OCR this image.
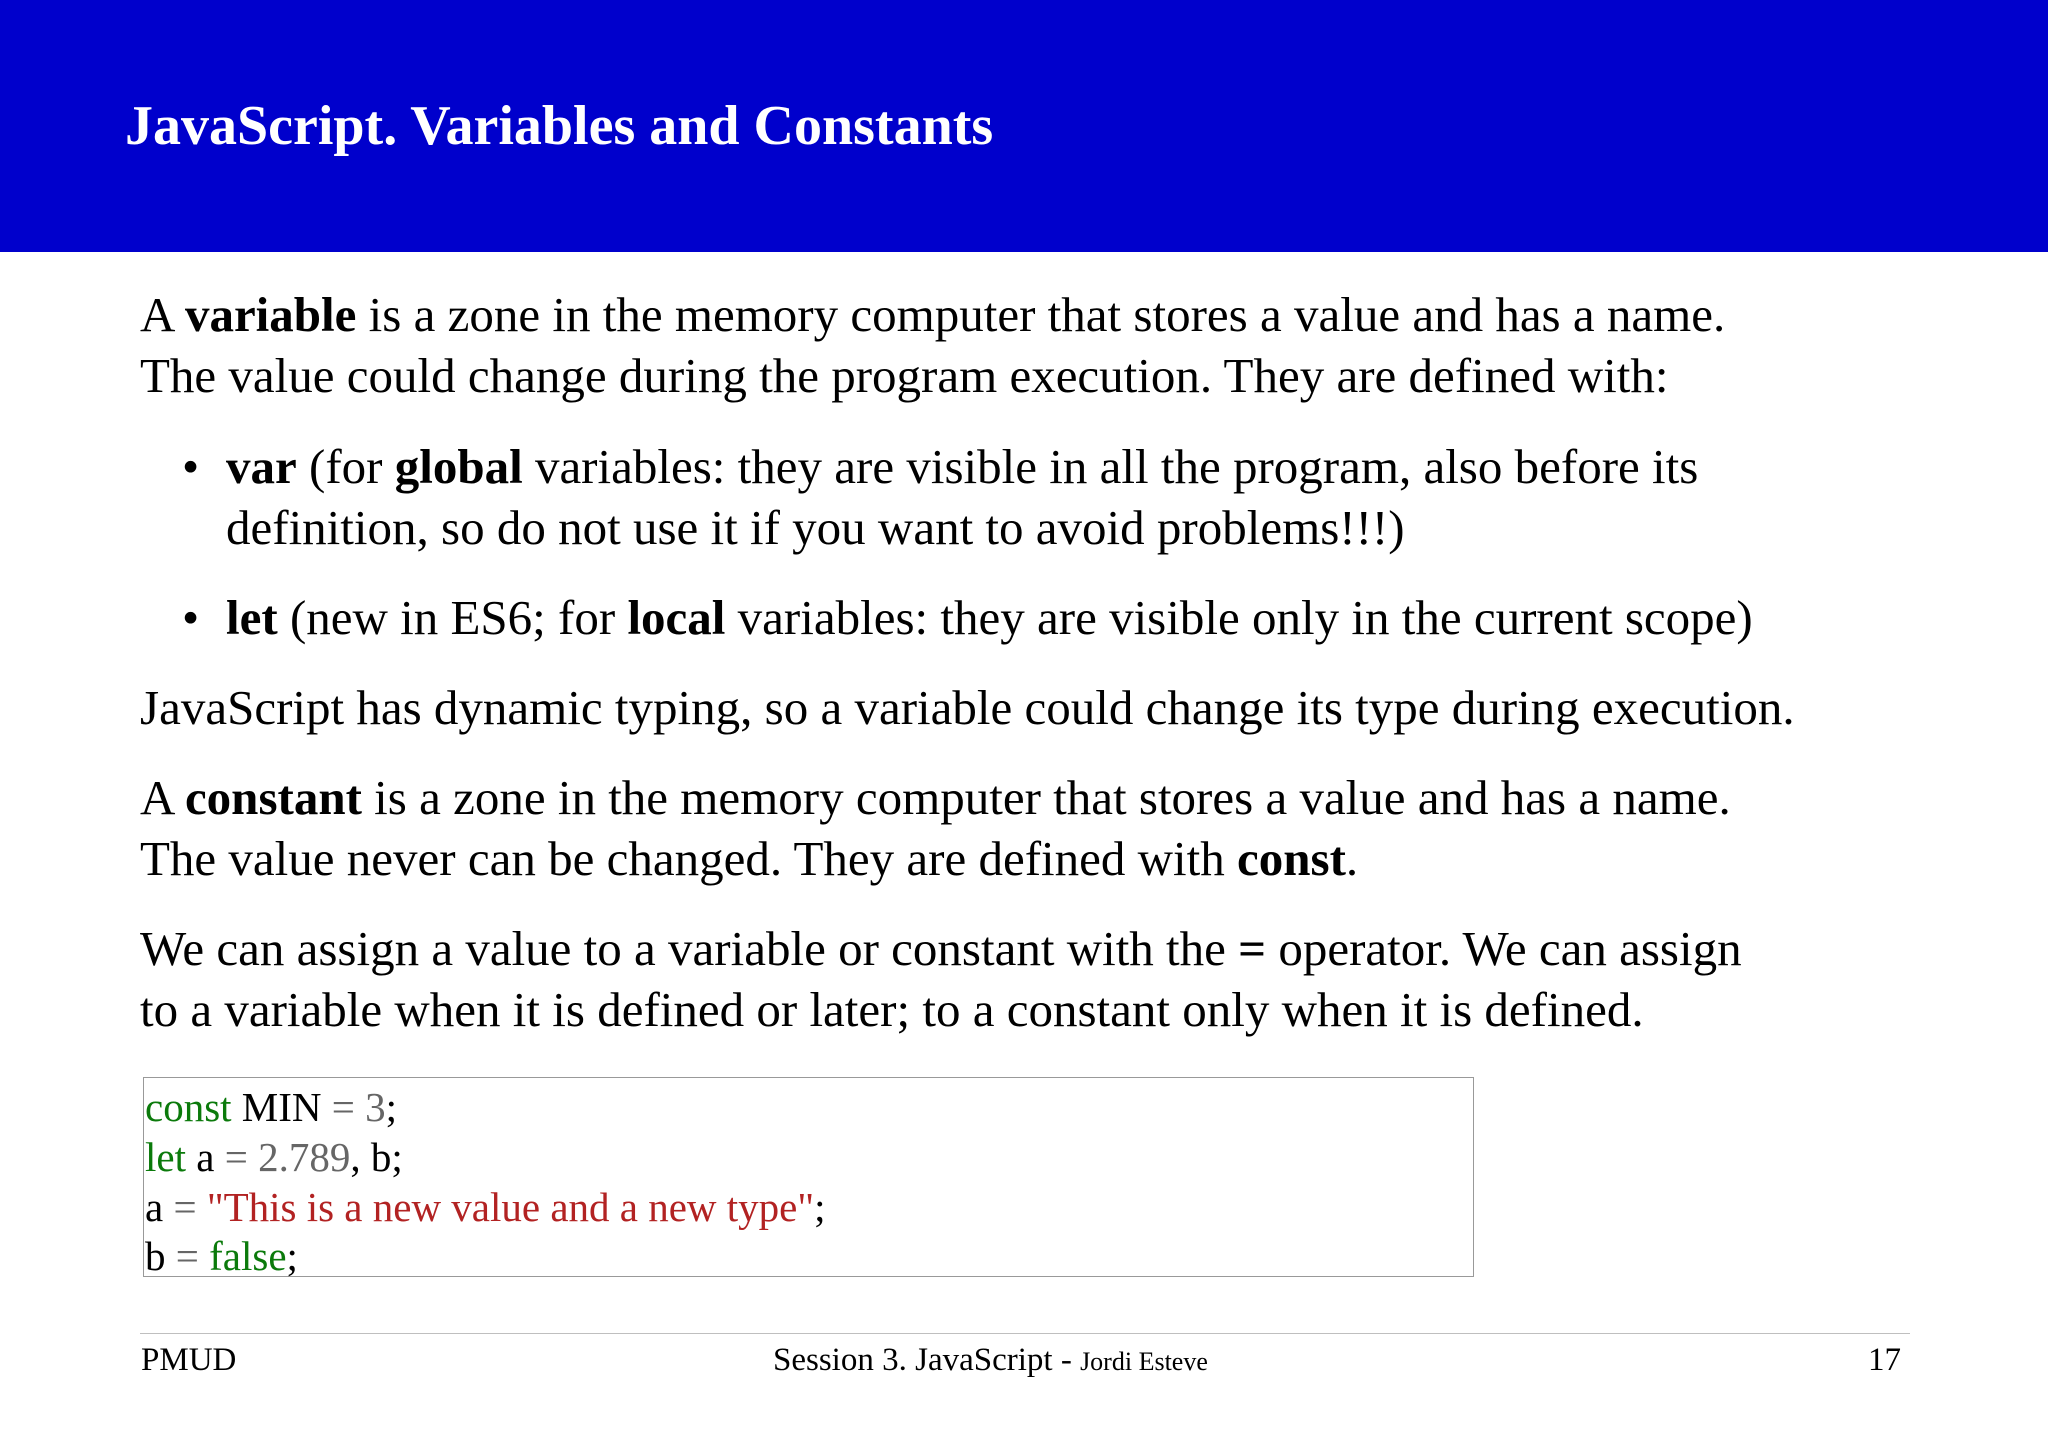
JavaScript. Variables and Constants
A variable is a zone in the memory computer that stores a value and has a name.
The value could change during the program execution. They are defined with:
• var (for global variables: they are visible in all the program, also before its
definition, so do not use it if you want to avoid problems!!!)
• let (new in ES6; for local variables: they are visible only in the current scope)
JavaScript has dynamic typing, so a variable could change its type during execution.
A constant is a zone in the memory computer that stores a value and has a name.
The value never can be changed. They are defined with const.
We can assign a value to a variable or constant with the = operator. We can assign
to a variable when it is defined or later; to a constant only when it is defined.
const MIN = 3;
let a = 2.789, b;
a = "This is a new value and a new type";
b = false;
PMUD	Session 3. JavaScript - Jordi Esteve	17
